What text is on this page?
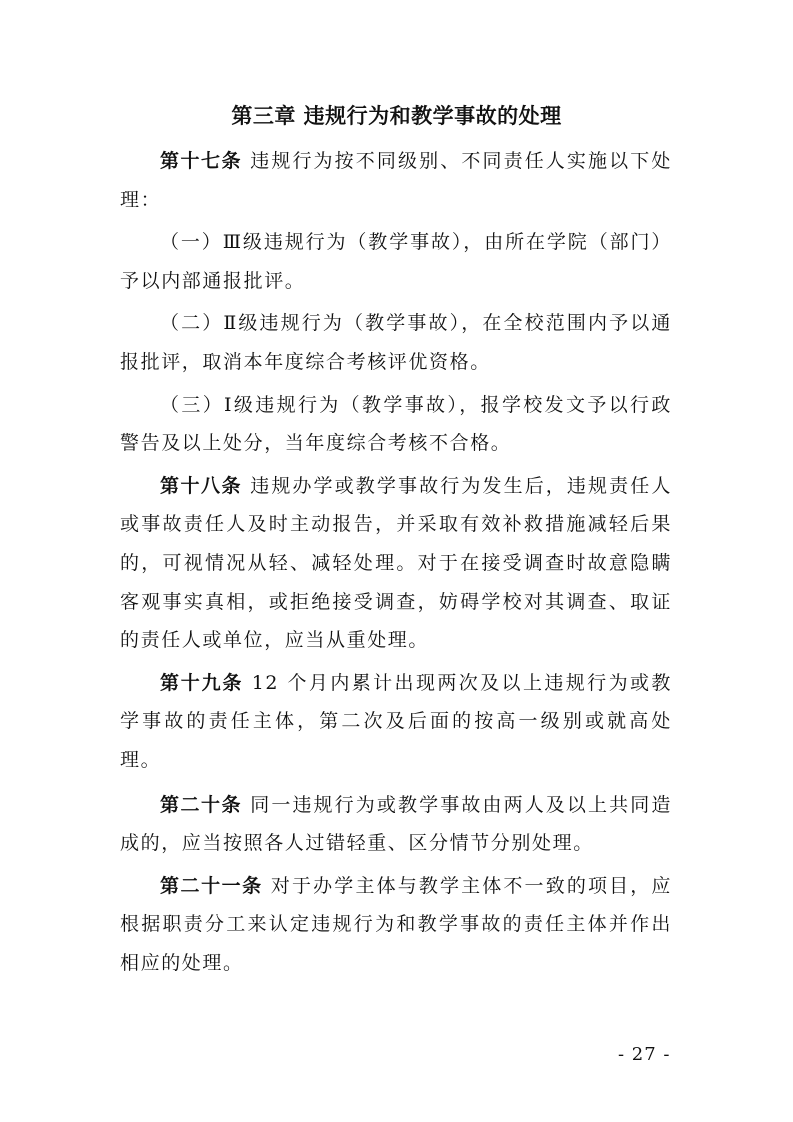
第三章 违规行为和教学事故的处理

第十七条 违规行为按不同级别、不同责任人实施以下处理：

（一）Ⅲ级违规行为（教学事故），由所在学院（部门）予以内部通报批评。

（二）Ⅱ级违规行为（教学事故），在全校范围内予以通报批评，取消本年度综合考核评优资格。

（三）Ⅰ级违规行为（教学事故），报学校发文予以行政警告及以上处分，当年度综合考核不合格。

第十八条 违规办学或教学事故行为发生后，违规责任人或事故责任人及时主动报告，并采取有效补救措施减轻后果的，可视情况从轻、减轻处理。对于在接受调查时故意隐瞒客观事实真相，或拒绝接受调查，妨碍学校对其调查、取证的责任人或单位，应当从重处理。

第十九条 12 个月内累计出现两次及以上违规行为或教学事故的责任主体，第二次及后面的按高一级别或就高处理。

第二十条 同一违规行为或教学事故由两人及以上共同造成的，应当按照各人过错轻重、区分情节分别处理。

第二十一条 对于办学主体与教学主体不一致的项目，应根据职责分工来认定违规行为和教学事故的责任主体并作出相应的处理。

- 27 -
